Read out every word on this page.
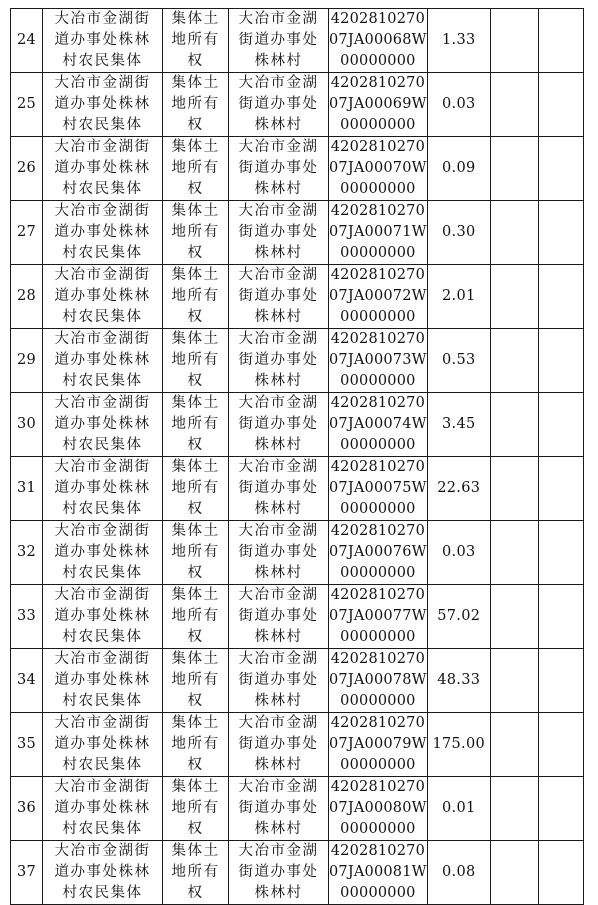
24	大冶市金湖街
道办事处株林
村农民集体	集体土
地所有
权	大冶市金湖
街道办事处
株林村	4202810270
07JA00068W
00000000	1.33		
25	大冶市金湖街
道办事处株林
村农民集体	集体土
地所有
权	大冶市金湖
街道办事处
株林村	4202810270
07JA00069W
00000000	0.03		
26	大冶市金湖街
道办事处株林
村农民集体	集体土
地所有
权	大冶市金湖
街道办事处
株林村	4202810270
07JA00070W
00000000	0.09		
27	大冶市金湖街
道办事处株林
村农民集体	集体土
地所有
权	大冶市金湖
街道办事处
株林村	4202810270
07JA00071W
00000000	0.30		
28	大冶市金湖街
道办事处株林
村农民集体	集体土
地所有
权	大冶市金湖
街道办事处
株林村	4202810270
07JA00072W
00000000	2.01		
29	大冶市金湖街
道办事处株林
村农民集体	集体土
地所有
权	大冶市金湖
街道办事处
株林村	4202810270
07JA00073W
00000000	0.53		
30	大冶市金湖街
道办事处株林
村农民集体	集体土
地所有
权	大冶市金湖
街道办事处
株林村	4202810270
07JA00074W
00000000	3.45		
31	大冶市金湖街
道办事处株林
村农民集体	集体土
地所有
权	大冶市金湖
街道办事处
株林村	4202810270
07JA00075W
00000000	22.63		
32	大冶市金湖街
道办事处株林
村农民集体	集体土
地所有
权	大冶市金湖
街道办事处
株林村	4202810270
07JA00076W
00000000	0.03		
33	大冶市金湖街
道办事处株林
村农民集体	集体土
地所有
权	大冶市金湖
街道办事处
株林村	4202810270
07JA00077W
00000000	57.02		
34	大冶市金湖街
道办事处株林
村农民集体	集体土
地所有
权	大冶市金湖
街道办事处
株林村	4202810270
07JA00078W
00000000	48.33		
35	大冶市金湖街
道办事处株林
村农民集体	集体土
地所有
权	大冶市金湖
街道办事处
株林村	4202810270
07JA00079W
00000000	175.00		
36	大冶市金湖街
道办事处株林
村农民集体	集体土
地所有
权	大冶市金湖
街道办事处
株林村	4202810270
07JA00080W
00000000	0.01		
37	大冶市金湖街
道办事处株林
村农民集体	集体土
地所有
权	大冶市金湖
街道办事处
株林村	4202810270
07JA00081W
00000000	0.08		
